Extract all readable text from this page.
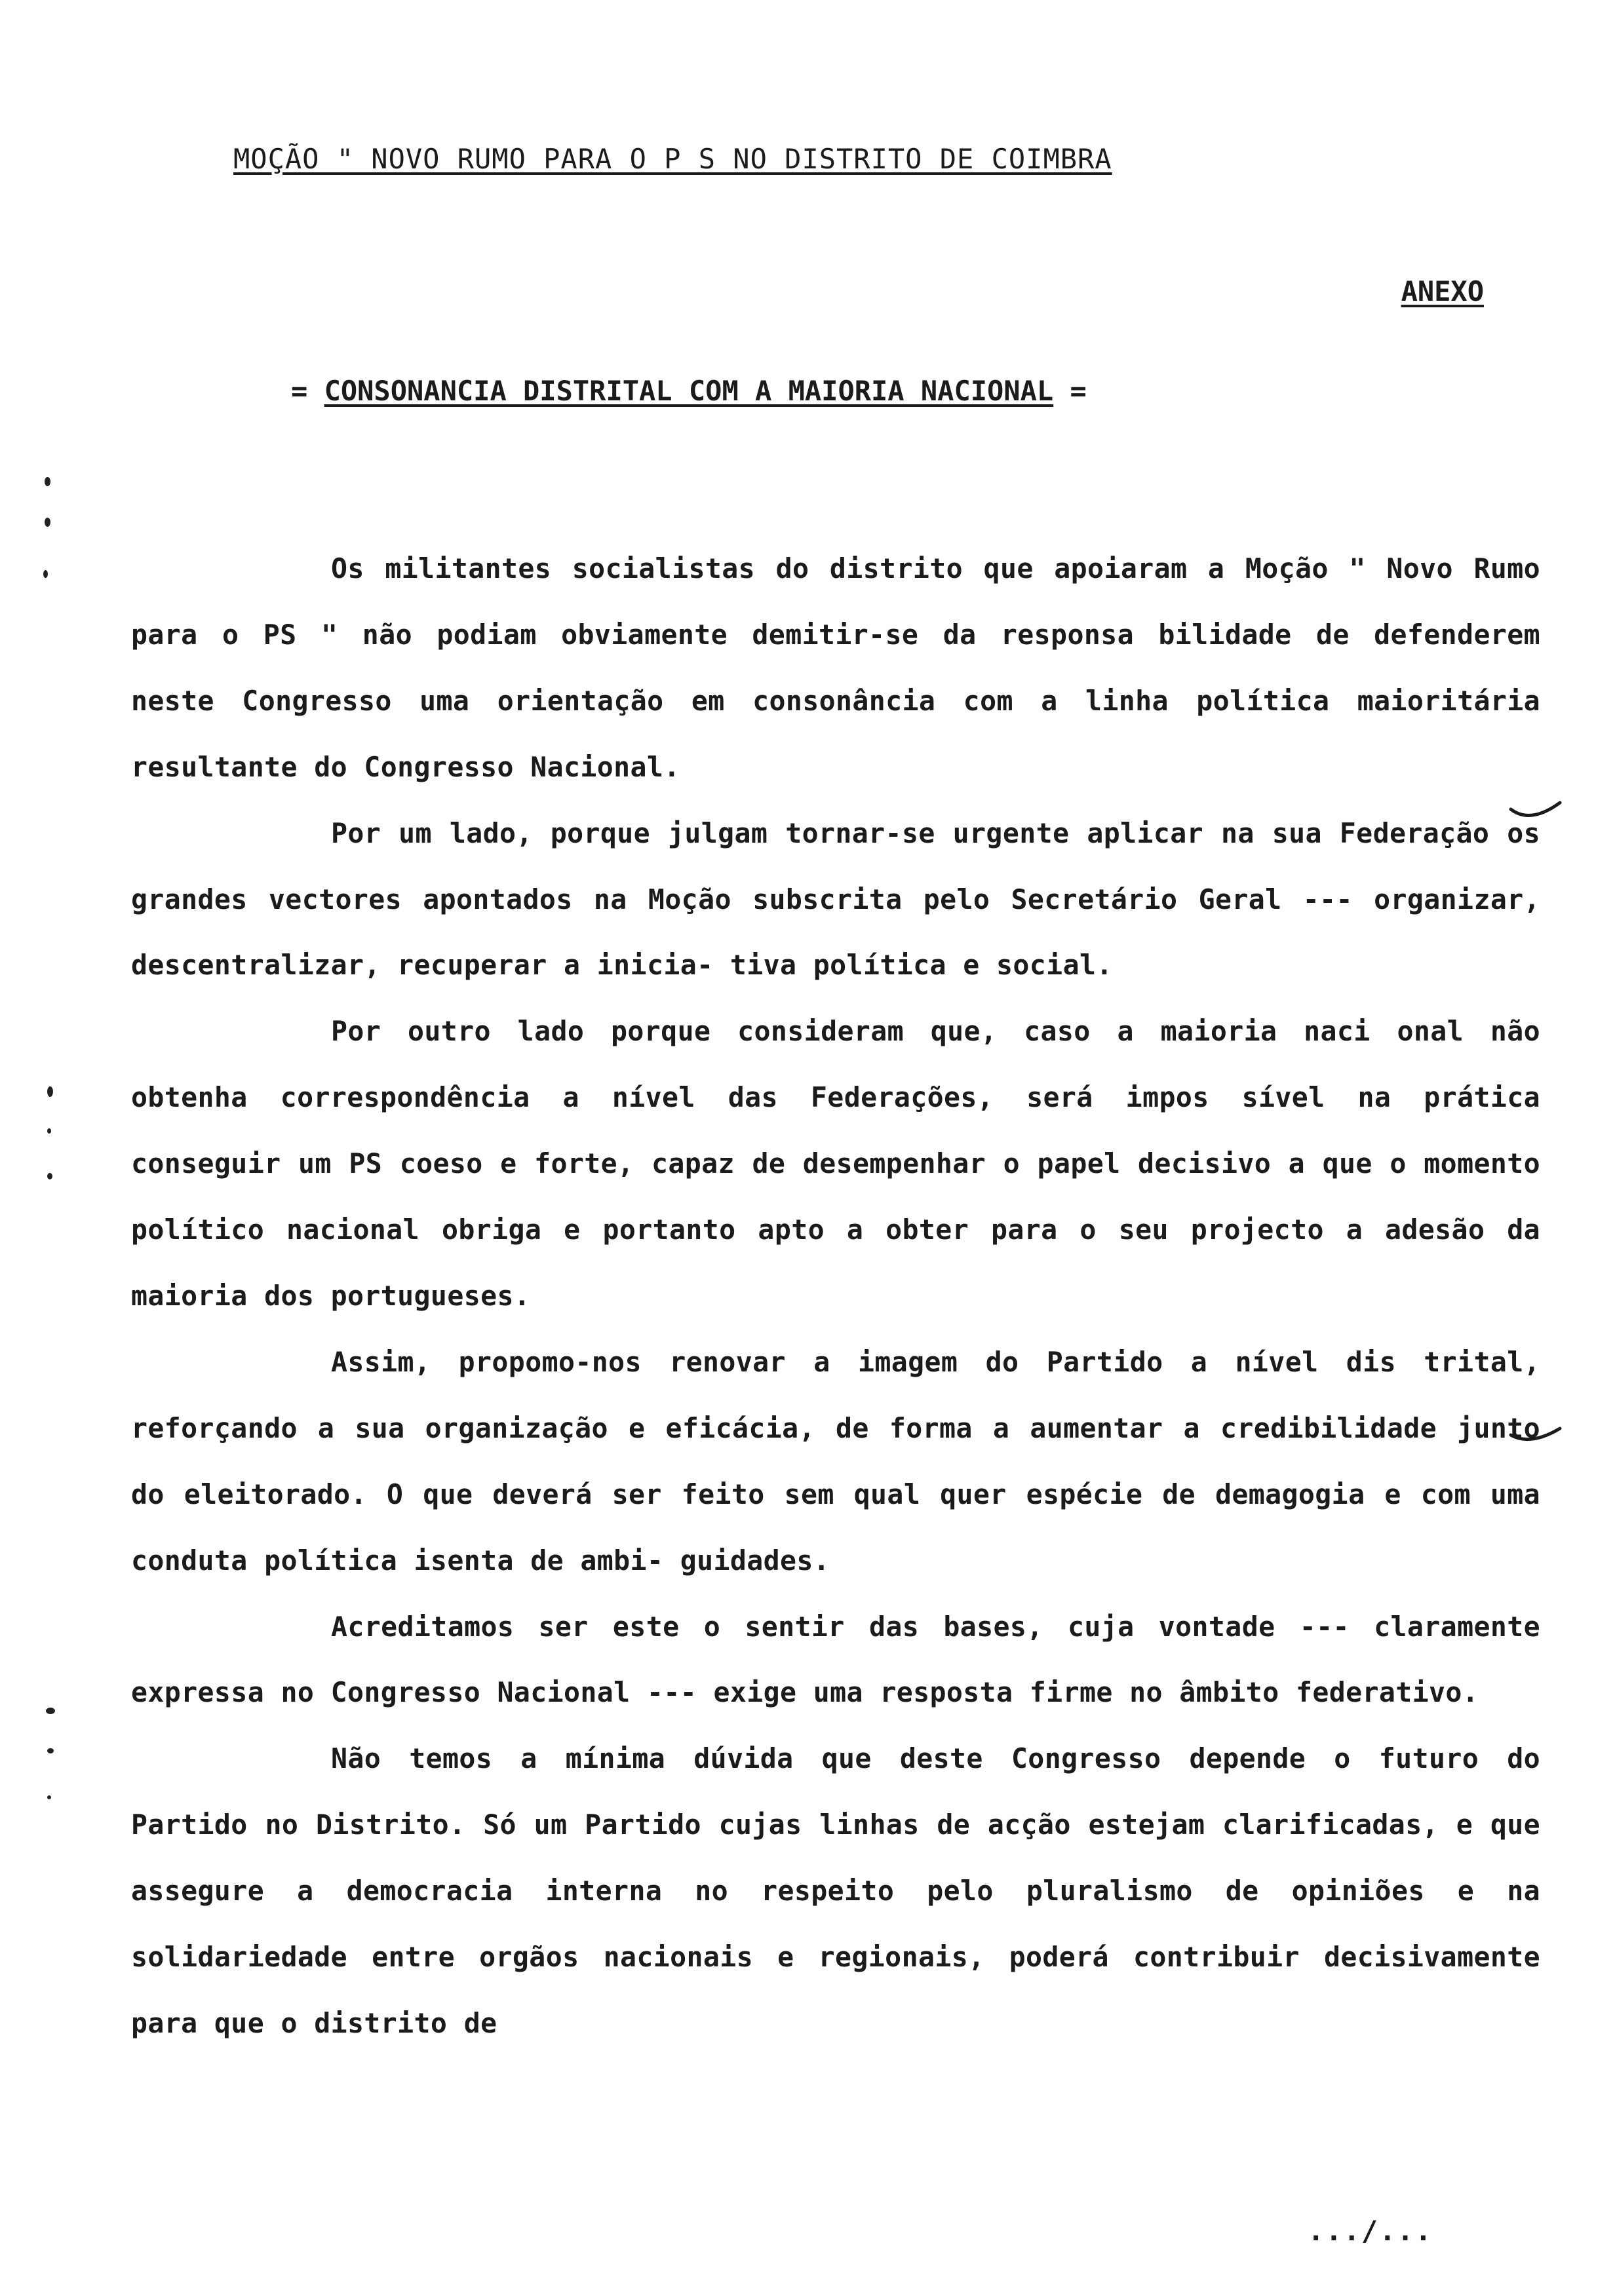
MOÇÃO " NOVO RUMO PARA O P S NO DISTRITO DE COIMBRA
ANEXO
= CONSONANCIA DISTRITAL COM A MAIORIA NACIONAL =

Os militantes socialistas do distrito que apoiaram a Moção " Novo Rumo para o PS " não podiam obviamente demitir-se da responsa bilidade de defenderem neste Congresso uma orientação em consonância com a linha política maioritária resultante do Congresso Nacional.

Por um lado, porque julgam tornar-se urgente aplicar na sua Federação os grandes vectores apontados na Moção subscrita pelo Secretário Geral --- organizar, descentralizar, recuperar a inicia- tiva política e social.

Por outro lado porque consideram que, caso a maioria naci onal não obtenha correspondência a nível das Federações, será impos sível na prática conseguir um PS coeso e forte, capaz de desempenhar o papel decisivo a que o momento político nacional obriga e portanto apto a obter para o seu projecto a adesão da maioria dos portugueses.

Assim, propomo-nos renovar a imagem do Partido a nível dis trital, reforçando a sua organização e eficácia, de forma a aumentar a credibilidade junto do eleitorado. O que deverá ser feito sem qual quer espécie de demagogia e com uma conduta política isenta de ambi- guidades.

Acreditamos ser este o sentir das bases, cuja vontade --- claramente expressa no Congresso Nacional --- exige uma resposta firme no âmbito federativo.

Não temos a mínima dúvida que deste Congresso depende o futuro do Partido no Distrito. Só um Partido cujas linhas de acção estejam clarificadas, e que assegure a democracia interna no respeito pelo pluralismo de opiniões e na solidariedade entre orgãos nacionais e regionais, poderá contribuir decisivamente para que o distrito de

.../...
